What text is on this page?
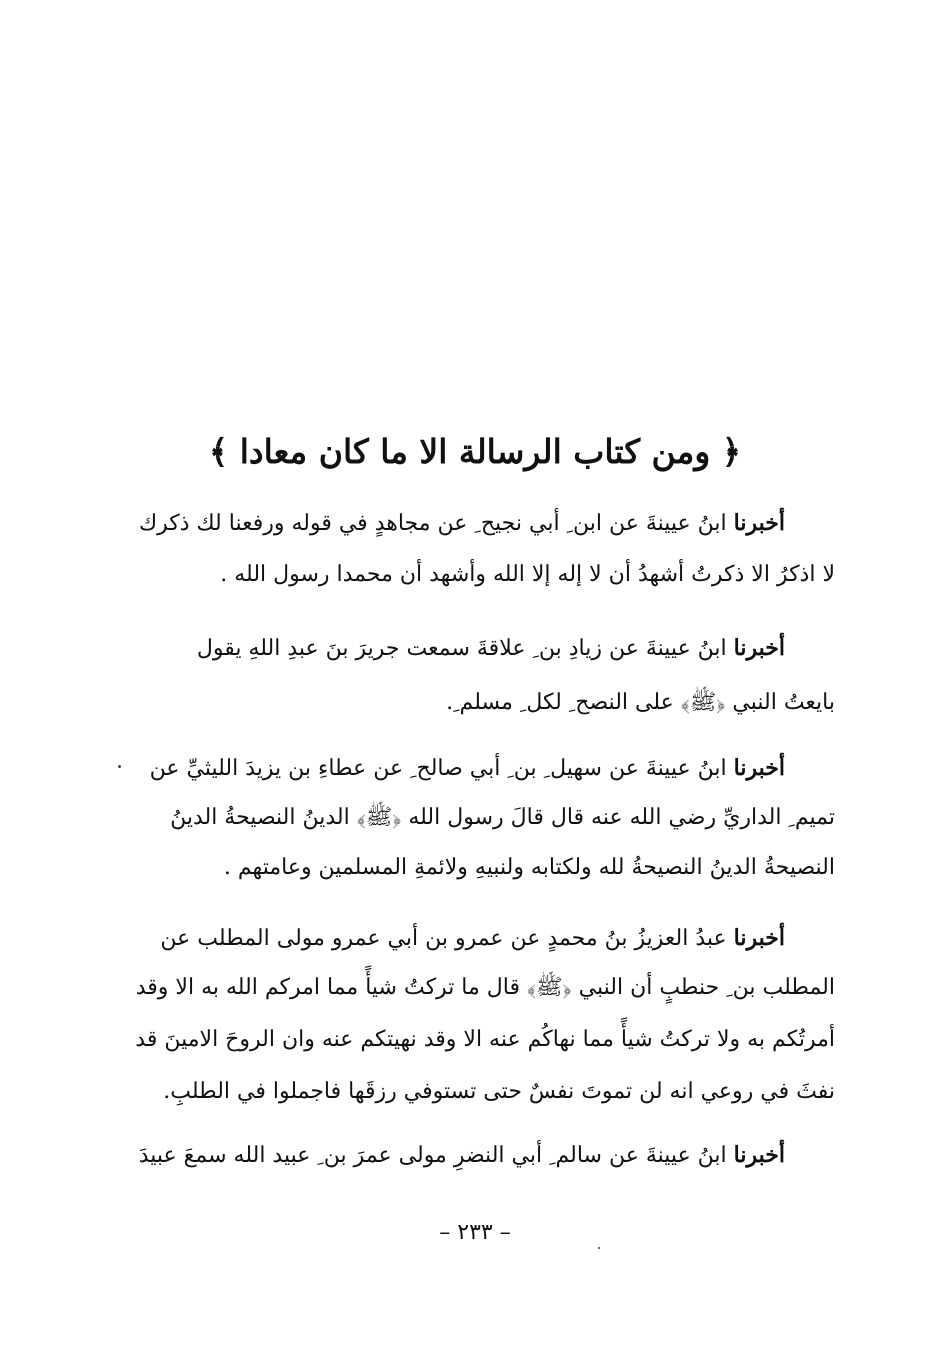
﴿ ومن كتاب الرسالة الا ما كان معادا ﴾
أخبرنا ابنُ عيينةَ عن ابن ِ أبي نجيح ِ عن مجاهدٍ في قوله ورفعنا لك ذكرك
لا اذكرُ الا ذكرتُ أشهدُ أن لا إله إلا الله وأشهد أن محمدا رسول الله .
أخبرنا ابنُ عيينةَ عن زيادِ بن ِ علاقةَ سمعت جريرَ بنَ عبدِ اللهِ يقول
بايعتُ النبي ﴿ﷺ﴾ على النصح ِ لكل ِ مسلم ِ.
أخبرنا ابنُ عيينةَ عن سهيل ِ بن ِ أبي صالح ِ عن عطاءِ بن يزيدَ الليثيِّ عن
تميم ِ الداريِّ رضي الله عنه قال قالَ رسول الله ﴿ﷺ﴾ الدينُ النصيحةُ الدينُ
النصيحةُ الدينُ النصيحةُ لله ولكتابه ولنبيهِ ولائمةِ المسلمين وعامتهم .
أخبرنا عبدُ العزيزُ بنُ محمدٍ عن عمرو بن أبي عمرو مولى المطلب عن
المطلب بن ِ حنطبٍ أن النبي ﴿ﷺ﴾ قال ما تركتُ شيأً مما امركم الله به الا وقد
أمرتُكم به ولا تركتُ شيأً مما نهاكُم عنه الا وقد نهيتكم عنه وان الروحَ الامينَ قد
نفثَ في روعي انه لن تموتَ نفسٌ حتى تستوفي رزقَها فاجملوا في الطلبِ.
أخبرنا ابنُ عيينةَ عن سالم ِ أبي النضرِ مولى عمرَ بن ِ عبيد الله سمعَ عبيدَ
– ٢٣٣ –
